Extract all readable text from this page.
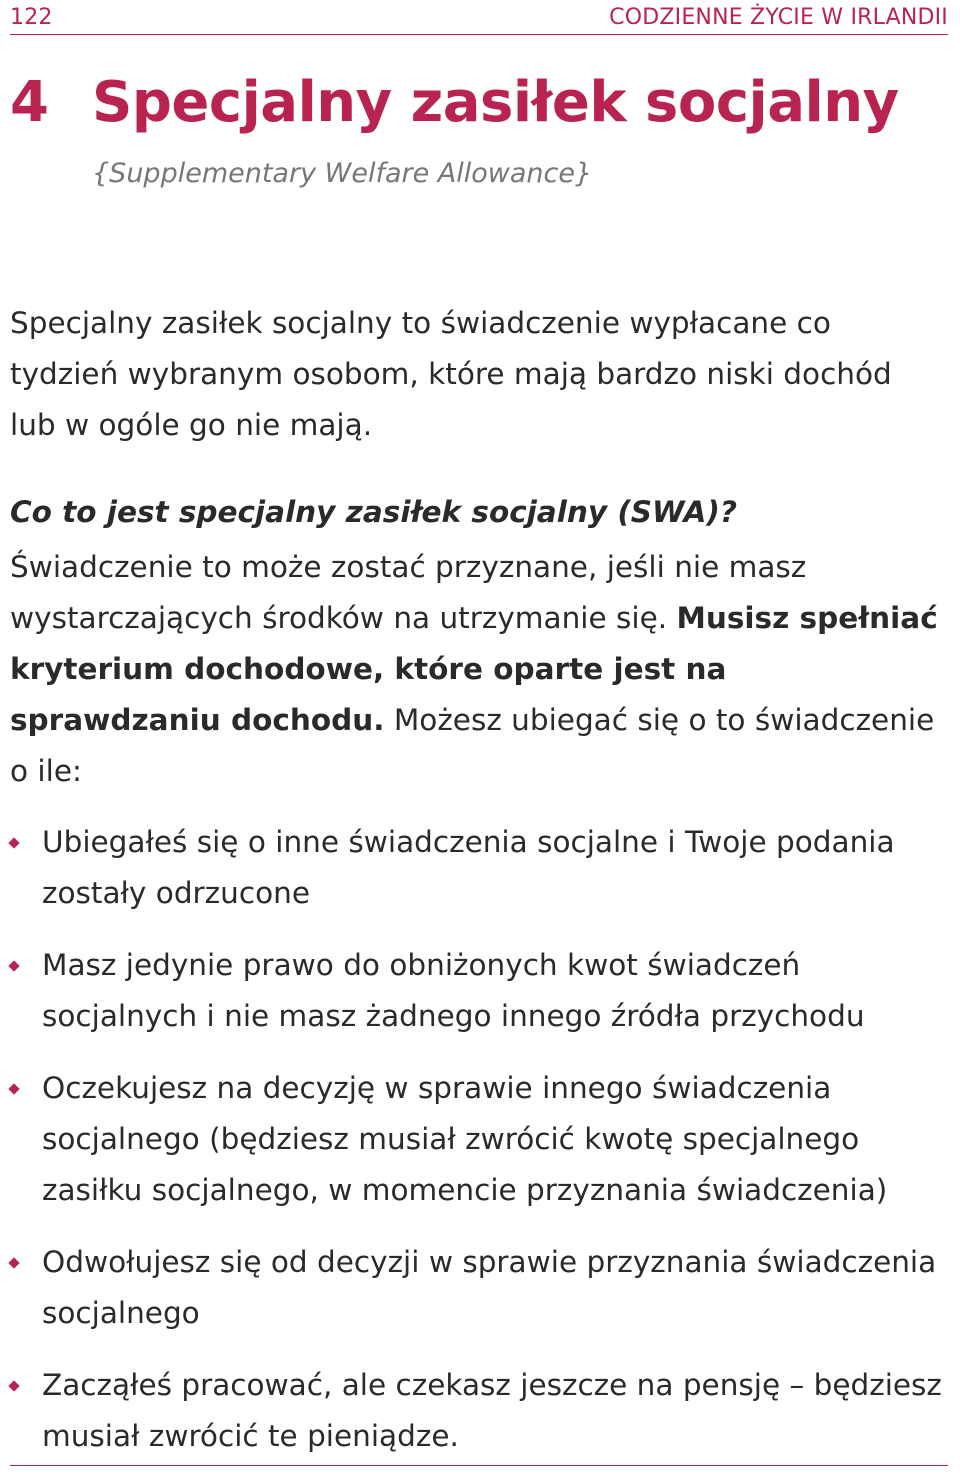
122	CODZIENNE ŻYCIE W IRLANDII
4 Specjalny zasiłek socjalny
{Supplementary Welfare Allowance}

Specjalny zasiłek socjalny to świadczenie wypłacane co tydzień wybranym osobom, które mają bardzo niski dochód lub w ogóle go nie mają.

Co to jest specjalny zasiłek socjalny (SWA)?

Świadczenie to może zostać przyznane, jeśli nie masz wystarczających środków na utrzymanie się. Musisz spełniać kryterium dochodowe, które oparte jest na sprawdzaniu dochodu. Możesz ubiegać się o to świadczenie o ile:

Ubiegałeś się o inne świadczenia socjalne i Twoje podania zostały odrzucone
Masz jedynie prawo do obniżonych kwot świadczeń socjalnych i nie masz żadnego innego źródła przychodu
Oczekujesz na decyzję w sprawie innego świadczenia socjalnego (będziesz musiał zwrócić kwotę specjalnego zasiłku socjalnego, w momencie przyznania świadczenia)
Odwołujesz się od decyzji w sprawie przyznania świadczenia socjalnego
Zacząłeś pracować, ale czekasz jeszcze na pensję – będziesz musiał zwrócić te pieniądze.
